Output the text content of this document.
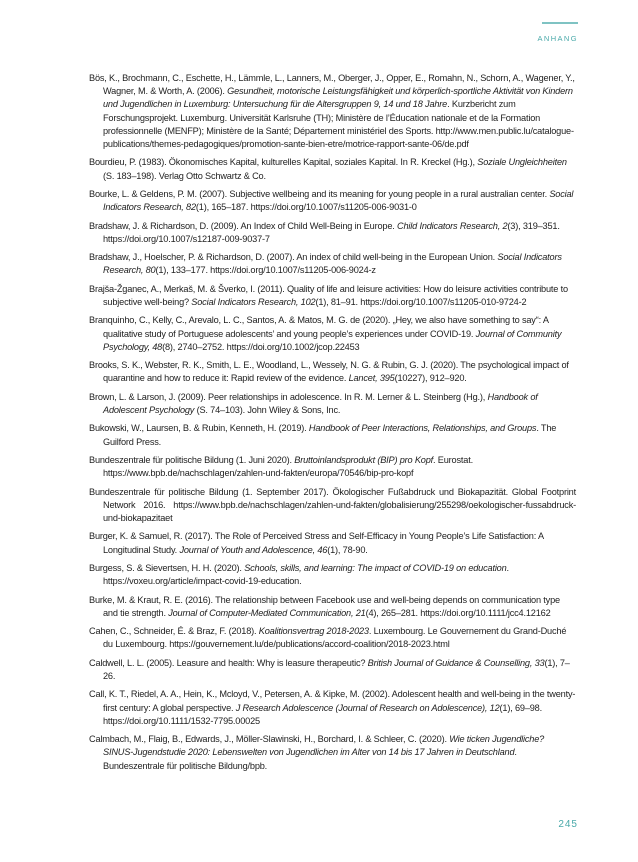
ANHANG

Bös, K., Brochmann, C., Eschette, H., Lämmle, L., Lanners, M., Oberger, J., Opper, E., Romahn, N., Schorn, A., Wagener, Y., Wagner, M. & Worth, A. (2006). Gesundheit, motorische Leistungsfähigkeit und körperlich-sportliche Aktivität von Kindern und Jugendlichen in Luxemburg: Untersuchung für die Altersgruppen 9, 14 und 18 Jahre. Kurzbericht zum Forschungsprojekt. Luxemburg. Universität Karlsruhe (TH); Ministère de l’Éducation nationale et de la Formation professionnelle (MENFP); Ministère de la Santé; Département ministériel des Sports. http://www.men.public.lu/catalogue-publications/themes-pedagogiques/promotion-sante-bien-etre/motrice-rapport-sante-06/de.pdf

Bourdieu, P. (1983). Ökonomisches Kapital, kulturelles Kapital, soziales Kapital. In R. Kreckel (Hg.), Soziale Ungleichheiten (S. 183–198). Verlag Otto Schwartz & Co.

Bourke, L. & Geldens, P. M. (2007). Subjective wellbeing and its meaning for young people in a rural australian center. Social Indicators Research, 82(1), 165–187. https://doi.org/10.1007/s11205-006-9031-0

Bradshaw, J. & Richardson, D. (2009). An Index of Child Well-Being in Europe. Child Indicators Research, 2(3), 319–351. https://doi.org/10.1007/s12187-009-9037-7

Bradshaw, J., Hoelscher, P. & Richardson, D. (2007). An index of child well-being in the European Union. Social Indicators Research, 80(1), 133–177. https://doi.org/10.1007/s11205-006-9024-z

Brajša-Žganec, A., Merkaš, M. & Šverko, I. (2011). Quality of life and leisure activities: How do leisure activities contribute to subjective well-being? Social Indicators Research, 102(1), 81–91. https://doi.org/10.1007/s11205-010-9724-2

Branquinho, C., Kelly, C., Arevalo, L. C., Santos, A. & Matos, M. G. de (2020). „Hey, we also have something to say“: A qualitative study of Portuguese adolescents’ and young people’s experiences under COVID-19. Journal of Community Psychology, 48(8), 2740–2752. https://doi.org/10.1002/jcop.22453

Brooks, S. K., Webster, R. K., Smith, L. E., Woodland, L., Wessely, N. G. & Rubin, G. J. (2020). The psychological impact of quarantine and how to reduce it: Rapid review of the evidence. Lancet, 395(10227), 912–920.

Brown, L. & Larson, J. (2009). Peer relationships in adolescence. In R. M. Lerner & L. Steinberg (Hg.), Handbook of Adolescent Psychology (S. 74–103). John Wiley & Sons, Inc.

Bukowski, W., Laursen, B. & Rubin, Kenneth, H. (2019). Handbook of Peer Interactions, Relationships, and Groups. The Guilford Press.

Bundeszentrale für politische Bildung (1. Juni 2020). Bruttoinlandsprodukt (BIP) pro Kopf. Eurostat. https://www.bpb.de/nachschlagen/zahlen-und-fakten/europa/70546/bip-pro-kopf

Bundeszentrale für politische Bildung (1. September 2017). Ökologischer Fußabdruck und Biokapazität. Global Footprint Network 2016. https://www.bpb.de/nachschlagen/zahlen-und-fakten/globalisierung/255298/oekologischer-fussabdruck-und-biokapazitaet

Burger, K. & Samuel, R. (2017). The Role of Perceived Stress and Self-Efficacy in Young People’s Life Satisfaction: A Longitudinal Study. Journal of Youth and Adolescence, 46(1), 78-90.

Burgess, S. & Sievertsen, H. H. (2020). Schools, skills, and learning: The impact of COVID-19 on education. https://voxeu.org/article/impact-covid-19-education.

Burke, M. & Kraut, R. E. (2016). The relationship between Facebook use and well-being depends on communication type and tie strength. Journal of Computer-Mediated Communication, 21(4), 265–281. https://doi.org/10.1111/jcc4.12162

Cahen, C., Schneider, É. & Braz, F. (2018). Koalitionsvertrag 2018-2023. Luxembourg. Le Gouvernement du Grand-Duché du Luxembourg. https://gouvernement.lu/de/publications/accord-coalition/2018-2023.html

Caldwell, L. L. (2005). Leasure and health: Why is leasure therapeutic? British Journal of Guidance & Counselling, 33(1), 7–26.

Call, K. T., Riedel, A. A., Hein, K., Mcloyd, V., Petersen, A. & Kipke, M. (2002). Adolescent health and well-being in the twenty-first century: A global perspective. J Research Adolescence (Journal of Research on Adolescence), 12(1), 69–98. https://doi.org/10.1111/1532-7795.00025

Calmbach, M., Flaig, B., Edwards, J., Möller-Slawinski, H., Borchard, I. & Schleer, C. (2020). Wie ticken Jugendliche? SINUS-Jugendstudie 2020: Lebenswelten von Jugendlichen im Alter von 14 bis 17 Jahren in Deutschland. Bundeszentrale für politische Bildung/bpb.

245
